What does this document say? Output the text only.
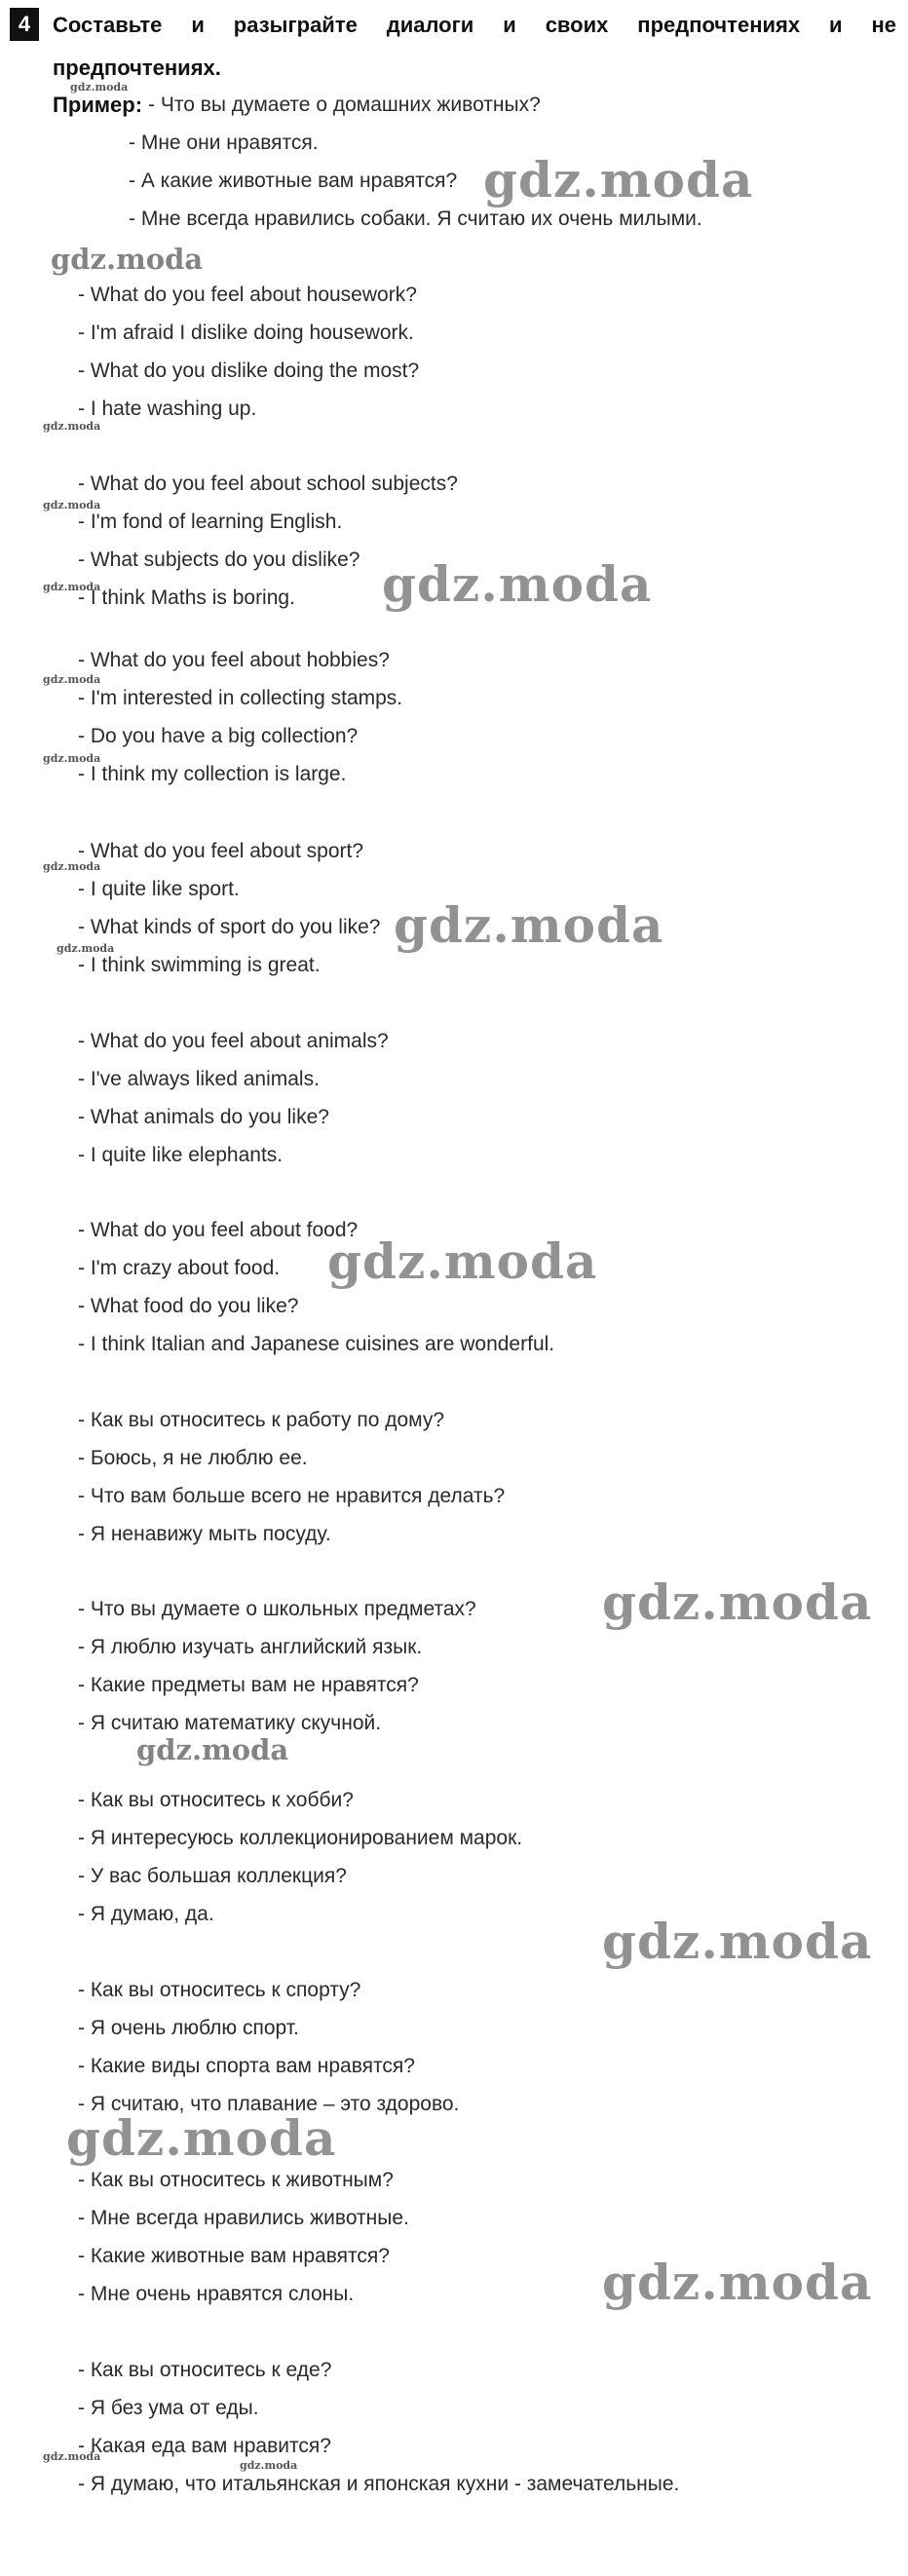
4	Составьте и разыграйте диалоги и своих предпочтениях и не
предпочтениях.
Пример: - Что вы думаете о домашних животных?
- Мне они нравятся.
- А какие животные вам нравятся?
- Мне всегда нравились собаки. Я считаю их очень милыми.
- What do you feel about housework?
- I'm afraid I dislike doing housework.
- What do you dislike doing the most?
- I hate washing up.
- What do you feel about school subjects?
- I'm fond of learning English.
- What subjects do you dislike?
- I think Maths is boring.
- What do you feel about hobbies?
- I'm interested in collecting stamps.
- Do you have a big collection?
- I think my collection is large.
- What do you feel about sport?
- I quite like sport.
- What kinds of sport do you like?
- I think swimming is great.
- What do you feel about animals?
- I've always liked animals.
- What animals do you like?
- I quite like elephants.
- What do you feel about food?
- I'm crazy about food.
- What food do you like?
- I think Italian and Japanese cuisines are wonderful.
- Как вы относитесь к работу по дому?
- Боюсь, я не люблю ее.
- Что вам больше всего не нравится делать?
- Я ненавижу мыть посуду.
- Что вы думаете о школьных предметах?
- Я люблю изучать английский язык.
- Какие предметы вам не нравятся?
- Я считаю математику скучной.
- Как вы относитесь к хобби?
- Я интересуюсь коллекционированием марок.
- У вас большая коллекция?
- Я думаю, да.
- Как вы относитесь к спорту?
- Я очень люблю спорт.
- Какие виды спорта вам нравятся?
- Я считаю, что плавание – это здорово.
- Как вы относитесь к животным?
- Мне всегда нравились животные.
- Какие животные вам нравятся?
- Мне очень нравятся слоны.
- Как вы относитесь к еде?
- Я без ума от еды.
- Какая еда вам нравится?
- Я думаю, что итальянская и японская кухни - замечательные.
gdz.moda
gdz.moda
gdz.moda
gdz.moda
gdz.moda
gdz.moda
gdz.moda
gdz.moda
gdz.moda
gdz.moda
gdz.moda
gdz.moda
gdz.moda
gdz.moda
gdz.moda
gdz.moda
gdz.moda
gdz.moda
gdz.moda
gdz.moda
